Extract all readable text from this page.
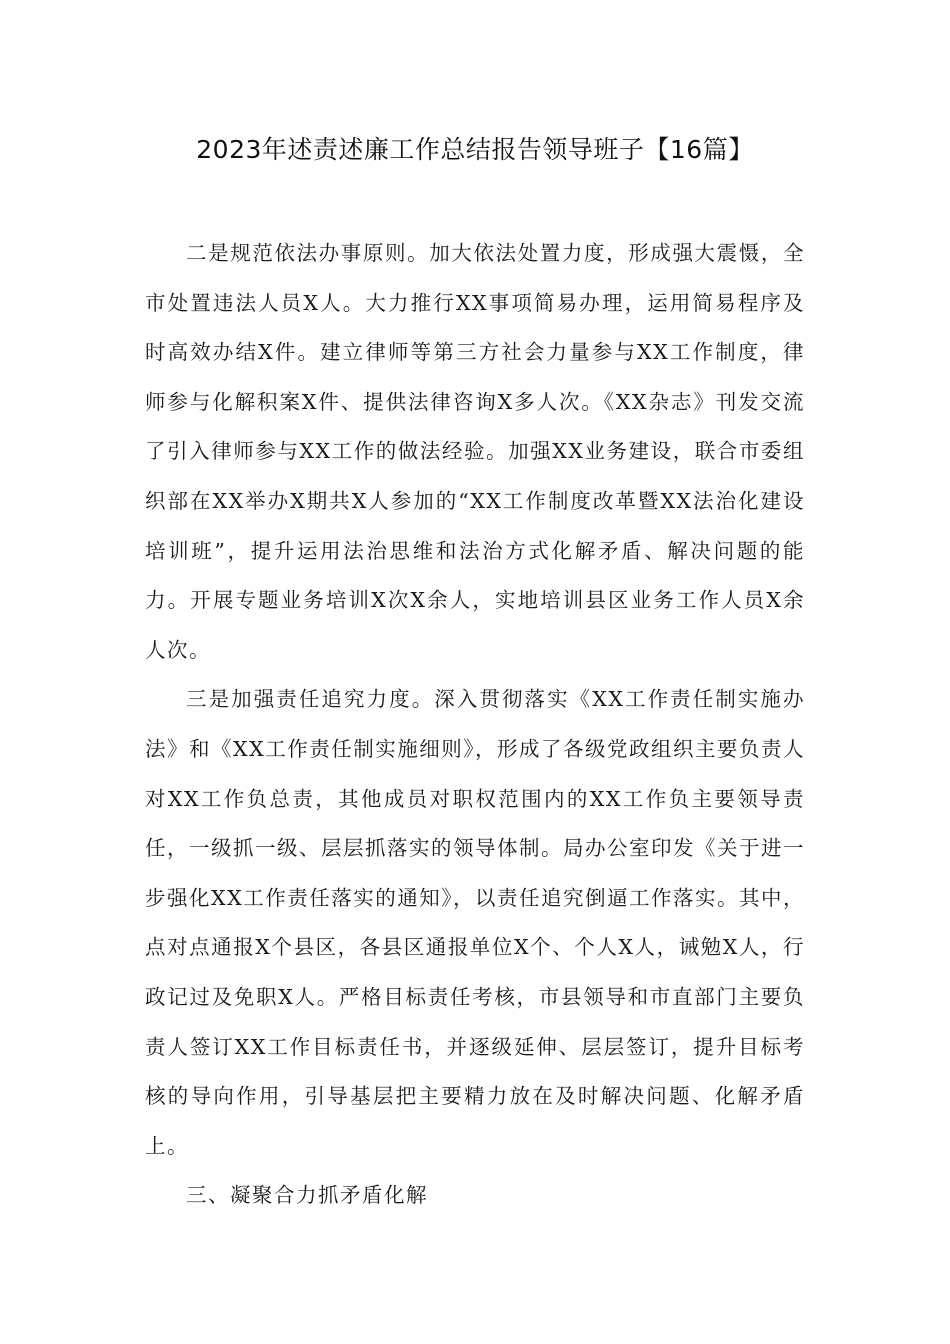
2023年述责述廉工作总结报告领导班子【16篇】

二是规范依法办事原则。加大依法处置力度，形成强大震慑，全市处置违法人员X人。大力推行XX事项简易办理，运用简易程序及时高效办结X件。建立律师等第三方社会力量参与XX工作制度，律师参与化解积案X件、提供法律咨询X多人次。《XX杂志》刊发交流了引入律师参与XX工作的做法经验。加强XX业务建设，联合市委组织部在XX举办X期共X人参加的“XX工作制度改革暨XX法治化建设培训班”，提升运用法治思维和法治方式化解矛盾、解决问题的能力。开展专题业务培训X次X余人，实地培训县区业务工作人员X余人次。

三是加强责任追究力度。深入贯彻落实《XX工作责任制实施办法》和《XX工作责任制实施细则》，形成了各级党政组织主要负责人对XX工作负总责，其他成员对职权范围内的XX工作负主要领导责任，一级抓一级、层层抓落实的领导体制。局办公室印发《关于进一步强化XX工作责任落实的通知》，以责任追究倒逼工作落实。其中，点对点通报X个县区，各县区通报单位X个、个人X人，诫勉X人，行政记过及免职X人。严格目标责任考核，市县领导和市直部门主要负责人签订XX工作目标责任书，并逐级延伸、层层签订，提升目标考核的导向作用，引导基层把主要精力放在及时解决问题、化解矛盾上。

三、凝聚合力抓矛盾化解
